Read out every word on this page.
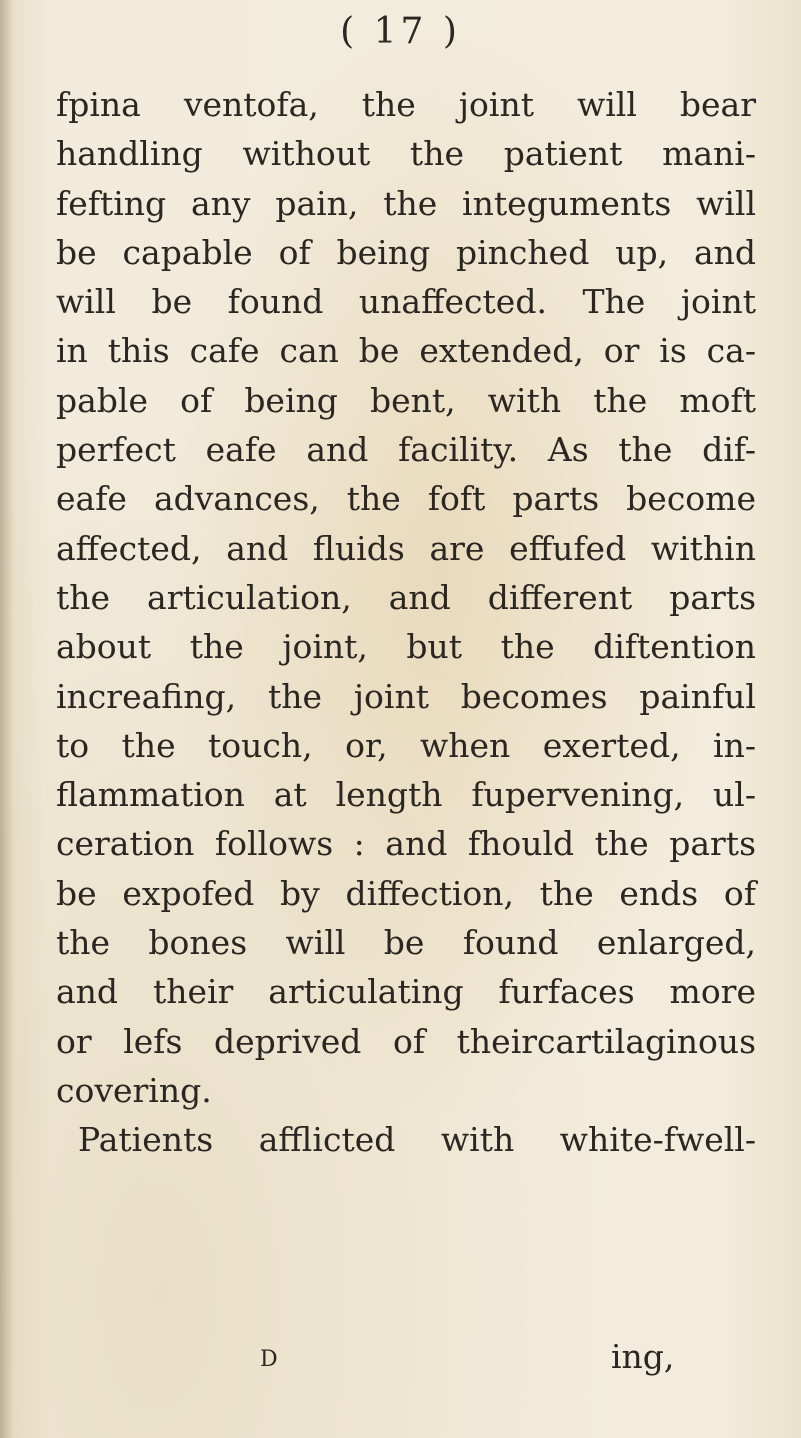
( 17 )
fpina ventofa, the joint will bear
handling without the patient mani-
fefting any pain, the integuments will
be capable of being pinched up, and
will be found unaffected. The joint
in this cafe can be extended, or is ca-
pable of being bent, with the moft
perfect eafe and facility. As the dif-
eafe advances, the foft parts become
affected, and fluids are effufed within
the articulation, and different parts
about the joint, but the diftention
increafing, the joint becomes painful
to the touch, or, when exerted, in-
flammation at length fupervening, ul-
ceration follows : and fhould the parts
be expofed by diffection, the ends of
the bones will be found enlarged,
and their articulating furfaces more
or lefs deprived of theircartilaginous
covering.
Patients afflicted with white-fwell-
D	ing,
